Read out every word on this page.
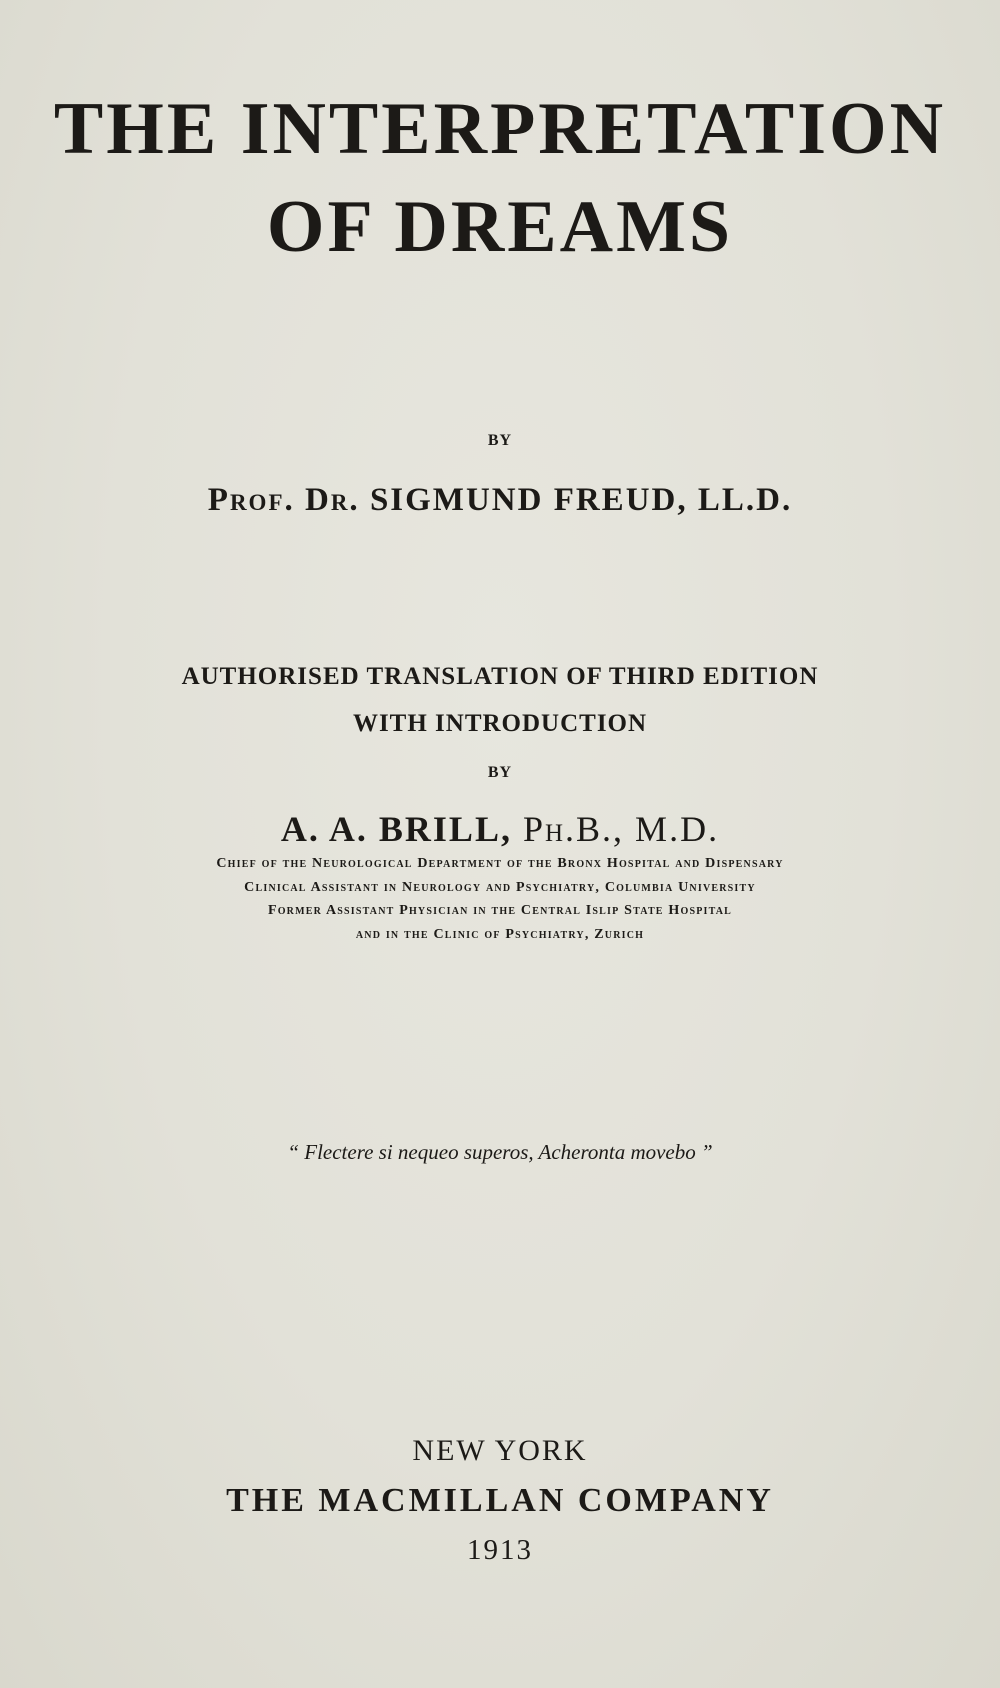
THE INTERPRETATION
OF DREAMS
BY
Prof. Dr. SIGMUND FREUD, LL.D.
AUTHORISED TRANSLATION OF THIRD EDITION
WITH INTRODUCTION
BY
A. A. BRILL, Ph.B., M.D.
Chief of the Neurological Department of the Bronx Hospital and Dispensary
Clinical Assistant in Neurology and Psychiatry, Columbia University
Former Assistant Physician in the Central Islip State Hospital
and in the Clinic of Psychiatry, Zurich
“ Flectere si nequeo superos, Acheronta movebo ”
NEW YORK
THE MACMILLAN COMPANY
1913
